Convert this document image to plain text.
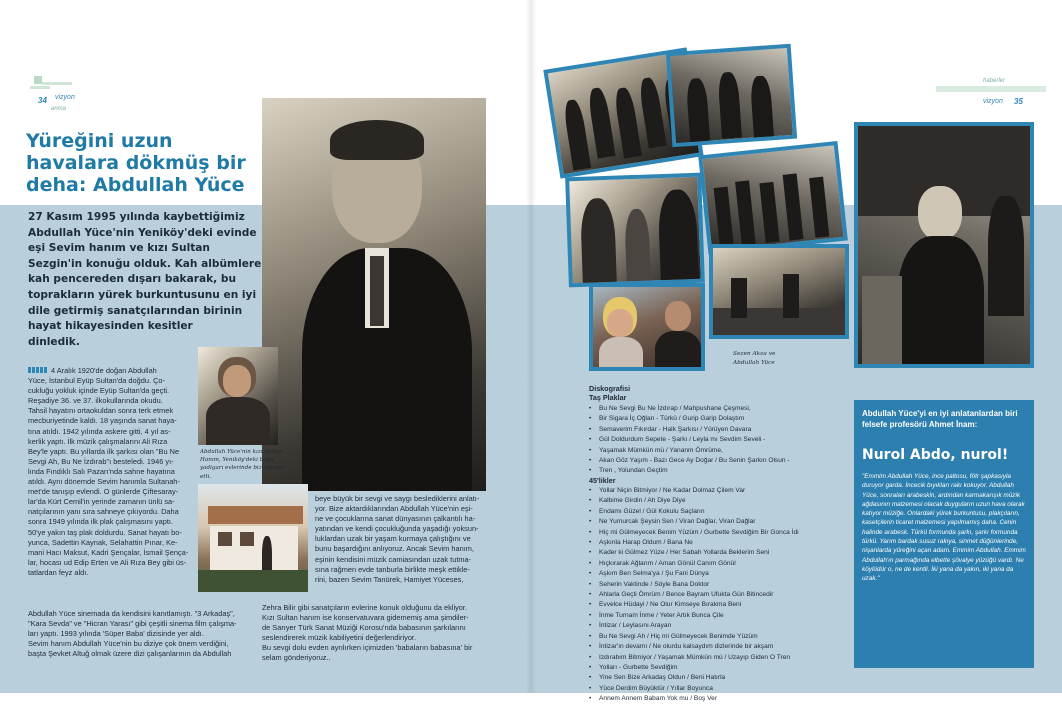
34 vizyon
anma
Yüreğini uzun
havalara dökmüş bir
deha: Abdullah Yüce
27 Kasım 1995 yılında kaybettiğimiz
Abdullah Yüce'nin Yeniköy'deki evinde
eşi Sevim hanım ve kızı Sultan
Sezgin'in konuğu olduk. Kah albümlere
kah pencereden dışarı bakarak, bu
toprakların yürek burkuntusunu en iyi
dile getirmiş sanatçılarından birinin
hayat hikayesinden kesitler
dinledik.
Abdullah Yüce'nin kızı Sultan Hanım, Yeniköy'deki baba yadigarı evlerinde bizi misafir etti.
4 Aralık 1920'de doğan Abdullah
Yüce, İstanbul Eyüp Sultan'da doğdu. Ço-
cukluğu yokluk içinde Eyüp Sultan'da geçti.
Reşadiye 36. ve 37. ilkokullarında okudu.
Tahsil hayatını ortaokuldan sonra terk etmek
mecburiyetinde kaldı. 18 yaşında sanat haya-
tına atıldı. 1942 yılında askere gitti, 4 yıl as-
kerlik yaptı. İlk müzik çalışmalarını Ali Rıza
Bey'le yaptı. Bu yıllarda ilk şarkısı olan "Bu Ne
Sevgi Ah, Bu Ne İzdırab"ı besteledi. 1946 yı-
lında Fındıklı Salı Pazarı'nda sahne hayatına
atıldı. Aynı dönemde Sevim hanımla Sultanah-
met'de tanışıp evlendi. O günlerde Çiftesaray-
lar'da Kürt Cemil'in yerinde zamanın ünlü sa-
natçılarının yanı sıra sahneye çıkıyordu. Daha
sonra 1949 yılında ilk plak çalışmasını yaptı.
50'ye yakın taş plak doldurdu. Sanat hayatı bo-
yunca, Sadettin Kaynak, Selahattin Pınar, Ke-
mani Hacı Maksut, Kadri Şençalar, İsmail Şença-
lar, hocası ud Edip Erten ve Ali Rıza Bey gibi üs-
tatlardan feyz aldı.
Abdullah Yüce sinemada da kendisini kanıtlamıştı. "3 Arkadaş",
"Kara Sevda" ve "Hicran Yarası" gibi çeşitli sinema film çalışma-
ları yaptı. 1993 yılında 'Süper Baba' dizisinde yer aldı.
Sevim hanım Abdullah Yüce'nin bu diziye çok önem verdiğini,
başta Şevket Altuğ olmak üzere dizi çalışanlarının da Abdullah
beye büyük bir sevgi ve saygı beslediklerini anlatı-
yor. Bize aktardıklarından Abdullah Yüce'nin eşi-
ne ve çocuklarına sanat dünyasının çalkantılı ha-
yatından ve kendi çocukluğunda yaşadığı yoksun-
luklardan uzak bir yaşam kurmaya çalıştığını ve
bunu başardığını anlıyoruz. Ancak Sevim hanım,
eşinin kendisini müzik camiasından uzak tutma-
sına rağmen evde tanburla birlikte meşk ettikle-
rini, bazen Sevim Tanürek, Hamiyet Yüceses,
Zehra Bilir gibi sanatçıların evlerine konuk olduğunu da ekliyor.
Kızı Sultan hanım ise konservatuvara gidememiş ama şimdiler-
de Sarıyer Türk Sanat Müziği Korosu'nda babasının şarkılarını
seslendirerek müzik kabiliyetini değerlendiriyor.
Bu sevgi dolu evden ayrılırken içimizden 'babaların babasına' bir
selam gönderiyoruz..
haberler
vizyon 35
Sezen Aksu ve Abdullah Yüce
Diskografisi
Taş Plaklar
• Bu Ne Sevgi Bu Ne İzdırap / Mahpushane Çeşmesi,
• Bir Sigara İç Oğlan - Türkü / Gurip Garip Dolaştım
• Semaverim Fıkırdar - Halk Şarkısı / Yürüyen Davara
• Gül Doldurdum Sepete - Şarkı / Leyla mı Sevdim Seveli -
• Yaşamak Mümkün mü / Yananm Ömrüme,
• Akan Göz Yaşım - Bazı Gece Ay Doğar / Bu Senin Şarkın Olsun -
• Tren , Yolundan Geçtim
45'likler
• Yollar Niçin Bitmiyor / Ne Kadar Dolmaz Çilem Var
• Kalbime Girdin / Ah Diye Diye
• Endamı Güzel / Gül Kokulu Saçların
• Ne Yumurcak Şeysin Sen / Viran Dağlar, Viran Dağlar
• Hiç mi Gülmeyecek Benim Yüzüm / Gurbette Sevdiğim Bir Gonca İdi
• Aşkınla Harap Oldum / Bana Ne
• Kader ki Gülmez Yüze / Her Sabah Yollarda Beklerim Seni
• Hıçkırarak Ağlarım / Aman Gönül Canım Gönül
• Aşkım Ben Selma'ya / Şu Fani Dünya
• Seherin Vaktinde / Söyle Bana Doktor
• Ahlarla Geçti Ömrüm / Bence Bayram Ufukta Gün Bitincedir
• Evvelce Hüdayi / Ne Olur Kimseye Bırakma Beni
• İnme Turnam İnme / Yeter Artık Bunca Çile
• İntizar / Leylasını Arayan
• Bu Ne Sevgi Ah / Hiç mi Gülmeyecek Benimde Yüzüm
• İntizar'ın devamı / Ne olurdu kalsaydım dizlerinde bir akşam
• Izdırabım Bitmiyor / Yaşamak Mümkün mü / Uzayıp Giden O Tren
• Yolları - Gurbette Sevdiğim
• Yine Sen Bize Arkadaş Oldun / Beni Hatırla
• Yüce Derdim Büyüktür / Yıllar Boyunca
• Annem Annem Babam Yok mu / Boş Ver
Abdullah Yüce'yi en iyi anlatanlardan biri felsefe profesörü Ahmet İnam:
Nurol Abdo, nurol!
"Emmim Abdullah Yüce, ince paltosu, fötr şapkasıyla duruyor garda. İncecik bıyıkları rakı kokuyor. Abdullah Yüce, sonraları arabeskin, ardından karmakarışık müzik ağdasının malzemesi olacak duyguların uzun hava olarak katıyor müziğe. Onlardaki yürek burkuntusu, plakçıların, kasetçilerin ticaret malzemesi yapılmamış daha. Cenin halinde arabesk. Türkü formunda şarkı, şarkı formunda türkü. Yarım bardak susuz rakıya, sinmet düğünlerinde, nişanlarda yüreğini açan adam. Emmim Abdullah. Emmim Abdullah'ın parmağında elbette şövalye yüzüğü vardı. Ne köylüdür o, ne de kentli. İki yana da yakın, iki yana da uzak."
